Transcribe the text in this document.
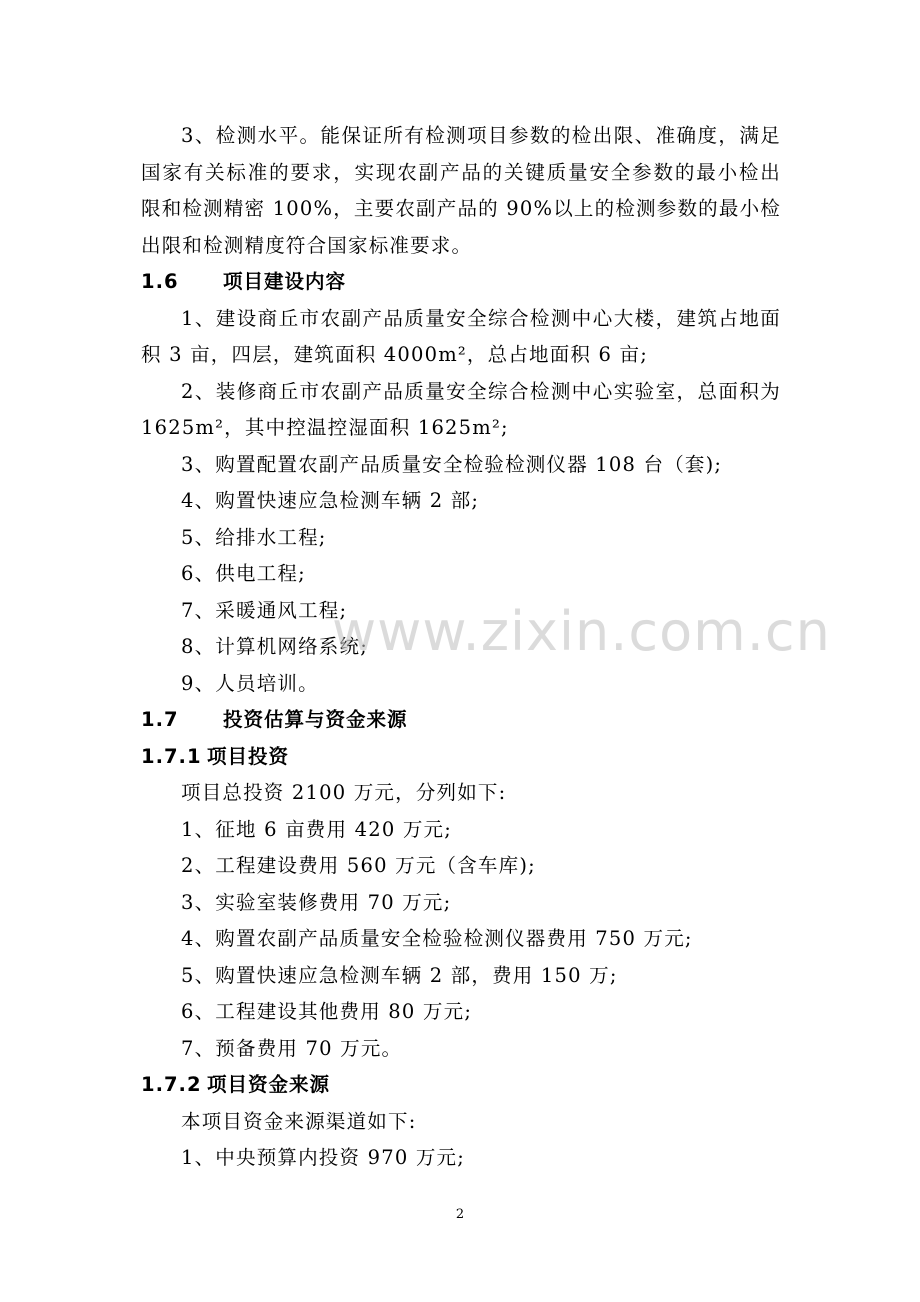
3、检测水平。能保证所有检测项目参数的检出限、准确度，满足国家有关标准的要求，实现农副产品的关键质量安全参数的最小检出限和检测精密 100%，主要农副产品的 90%以上的检测参数的最小检出限和检测精度符合国家标准要求。

1.6 项目建设内容

1、建设商丘市农副产品质量安全综合检测中心大楼，建筑占地面积 3 亩，四层，建筑面积 4000m²，总占地面积 6 亩;

2、装修商丘市农副产品质量安全综合检测中心实验室，总面积为 1625m²，其中控温控湿面积 1625m²;

3、购置配置农副产品质量安全检验检测仪器 108 台（套);

4、购置快速应急检测车辆 2 部;

5、给排水工程;

6、供电工程;

7、采暖通风工程;

8、计算机网络系统;

9、人员培训。

1.7 投资估算与资金来源

1.7.1 项目投资

项目总投资 2100 万元，分列如下:

1、征地 6 亩费用 420 万元;

2、工程建设费用 560 万元（含车库);

3、实验室装修费用 70 万元;

4、购置农副产品质量安全检验检测仪器费用 750 万元;

5、购置快速应急检测车辆 2 部，费用 150 万;

6、工程建设其他费用 80 万元;

7、预备费用 70 万元。

1.7.2 项目资金来源

本项目资金来源渠道如下:

1、中央预算内投资 970 万元;

www.zixin.com.cn
2
